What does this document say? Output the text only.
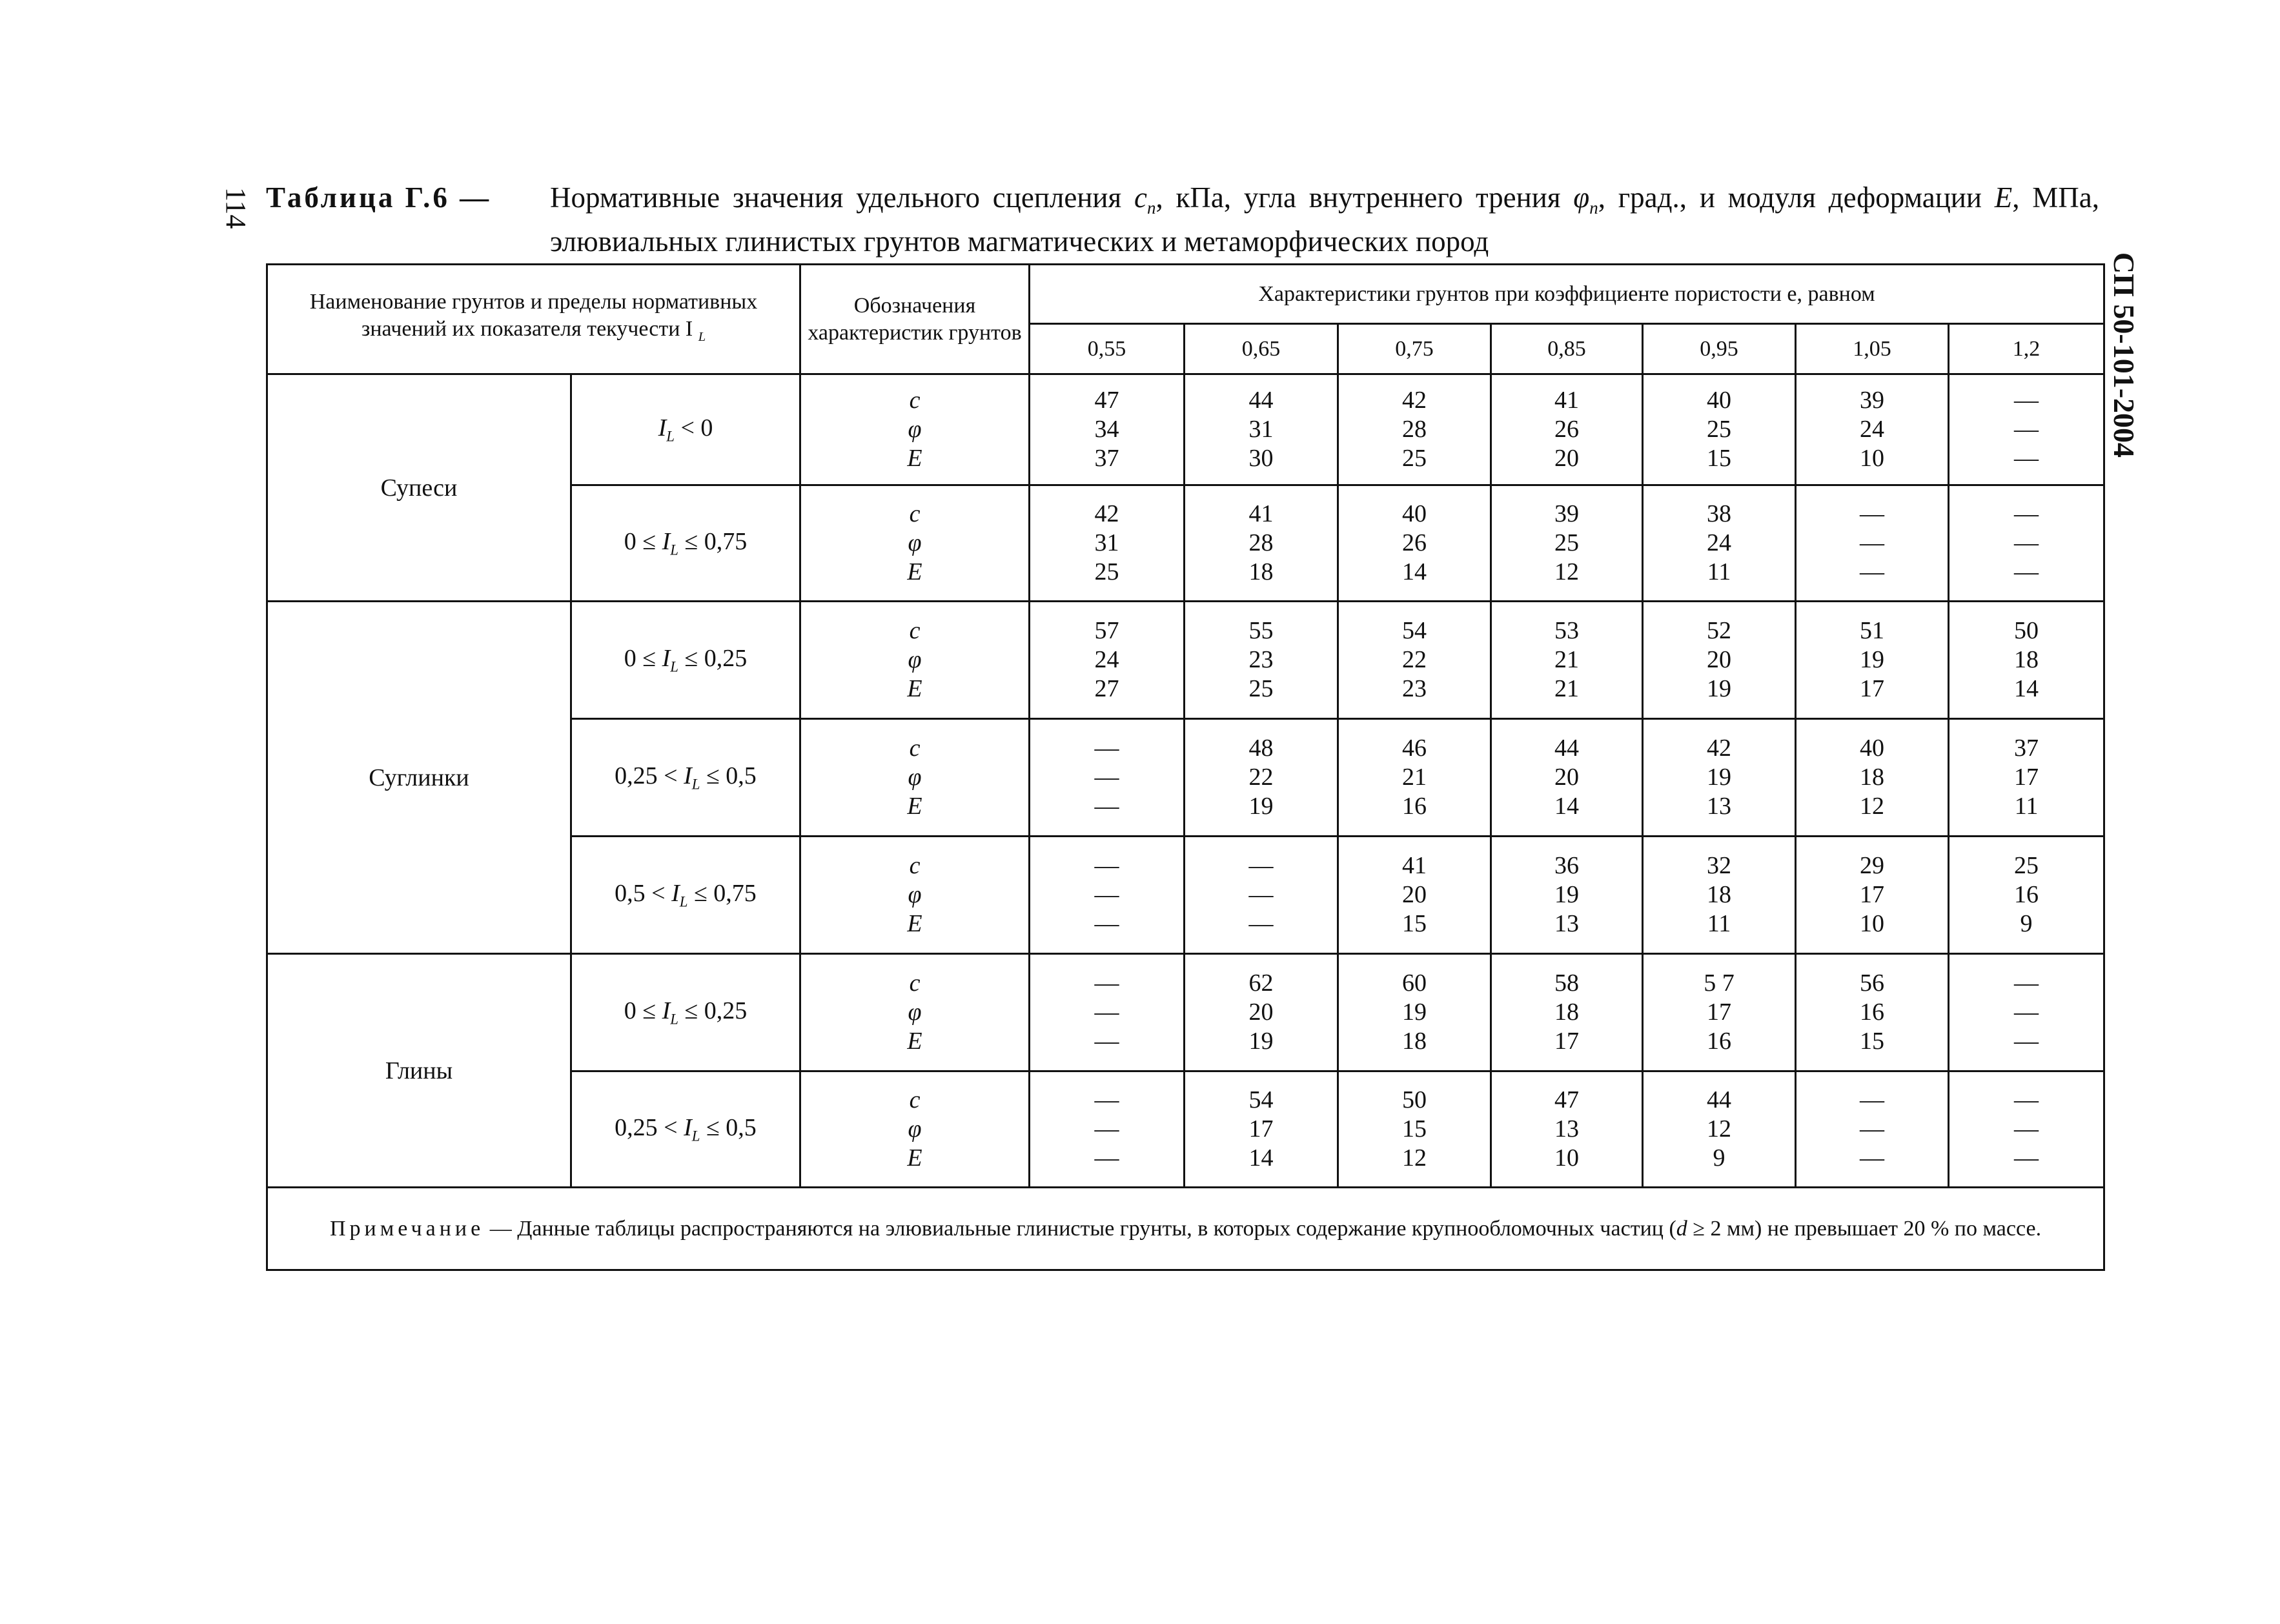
114
СП 50-101-2004
Таблица Г.6 — Нормативные значения удельного сцепления $c_n$, кПа, угла внутреннего трения $\varphi_n$, град., и модуля деформации E, МПа, элювиальных глинистых грунтов магматических и метаморфических пород
Наименование грунтов и пределы нормативных значений их показателя текучести I $_L$		Обозначения характеристик грунтов	Характеристики грунтов при коэффициенте пористости e, равном						
			0,55	0,65	0,75	0,85	0,95	1,05	1,2
Супеси	$I_L < 0$	c
φ
E	47
34
37	44
31
30	42
28
25	41
26
20	40
25
15	39
24
10	—
—
—

	$0 \le I_L \le 0,75$	c
φ
E	42
31
25	41
28
18	40
26
14	39
25
12	38
24
11	—
—
—	—
—
—

Суглинки	$0 \le I_L \le 0,25$	c
φ
E	57
24
27	55
23
25	54
22
23	53
21
21	52
20
19	51
19
17	50
18
14

	$0,25 < I_L \le 0,5$	c
φ
E	—
—
—	48
22
19	46
21
16	44
20
14	42
19
13	40
18
12	37
17
11

	$0,5 < I_L \le 0,75$	c
φ
E	—
—
—	—
—
—	41
20
15	36
19
13	32
18
11	29
17
10	25
16
9

Глины	$0 \le I_L \le 0,25$	c
φ
E	—
—
—	62
20
19	60
19
18	58
18
17	5 7
17
16	56
16
15	—
—
—

	$0,25 < I_L \le 0,5$	c
φ
E	—
—
—	54
17
14	50
15
12	47
13
10	44
12
9	—
—
—	—
—
—

Примечание — Данные таблицы распространяются на элювиальные глинистые грунты, в которых содержание крупнообломочных частиц (d ≥ 2 мм) не превышает 20 % по массе.									
